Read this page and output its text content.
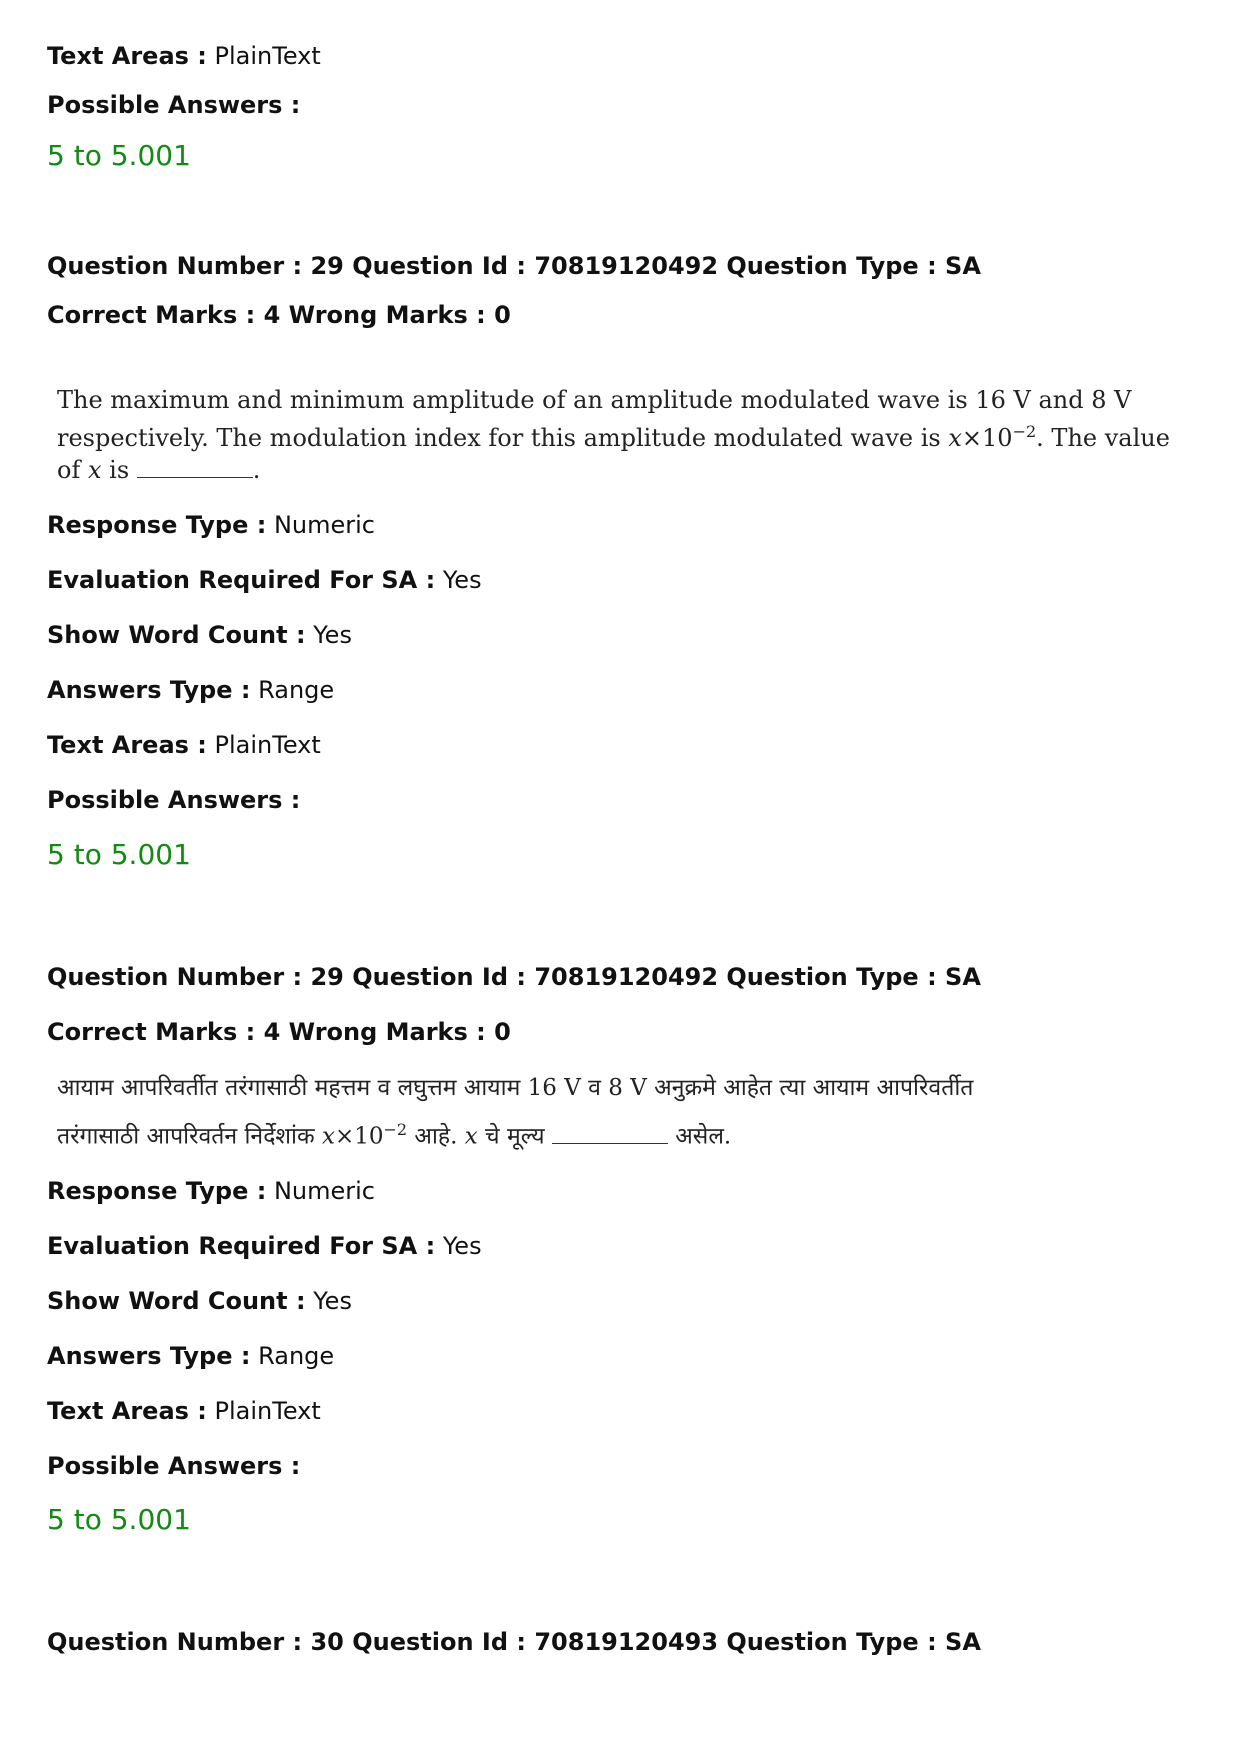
Text Areas : PlainText
Possible Answers :
5 to 5.001
Question Number : 29 Question Id : 70819120492 Question Type : SA
Correct Marks : 4 Wrong Marks : 0
The maximum and minimum amplitude of an amplitude modulated wave is 16 V and 8 V
respectively. The modulation index for this amplitude modulated wave is $x\times 10^{-2}$. The value
of x is	.
Response Type : Numeric
Evaluation Required For SA : Yes
Show Word Count : Yes
Answers Type : Range
Text Areas : PlainText
Possible Answers :
5 to 5.001
Question Number : 29 Question Id : 70819120492 Question Type : SA
Correct Marks : 4 Wrong Marks : 0
आयाम आपरिवर्तीत तरंगासाठी महत्तम व लघुत्तम आयाम 16 V व 8 V अनुक्रमे आहेत त्या आयाम आपरिवर्तीत
तरंगासाठी आपरिवर्तन निर्देशांक $x\times 10^{-2}$ आहे. x चे मूल्य	असेल.
Response Type : Numeric
Evaluation Required For SA : Yes
Show Word Count : Yes
Answers Type : Range
Text Areas : PlainText
Possible Answers :
5 to 5.001
Question Number : 30 Question Id : 70819120493 Question Type : SA
